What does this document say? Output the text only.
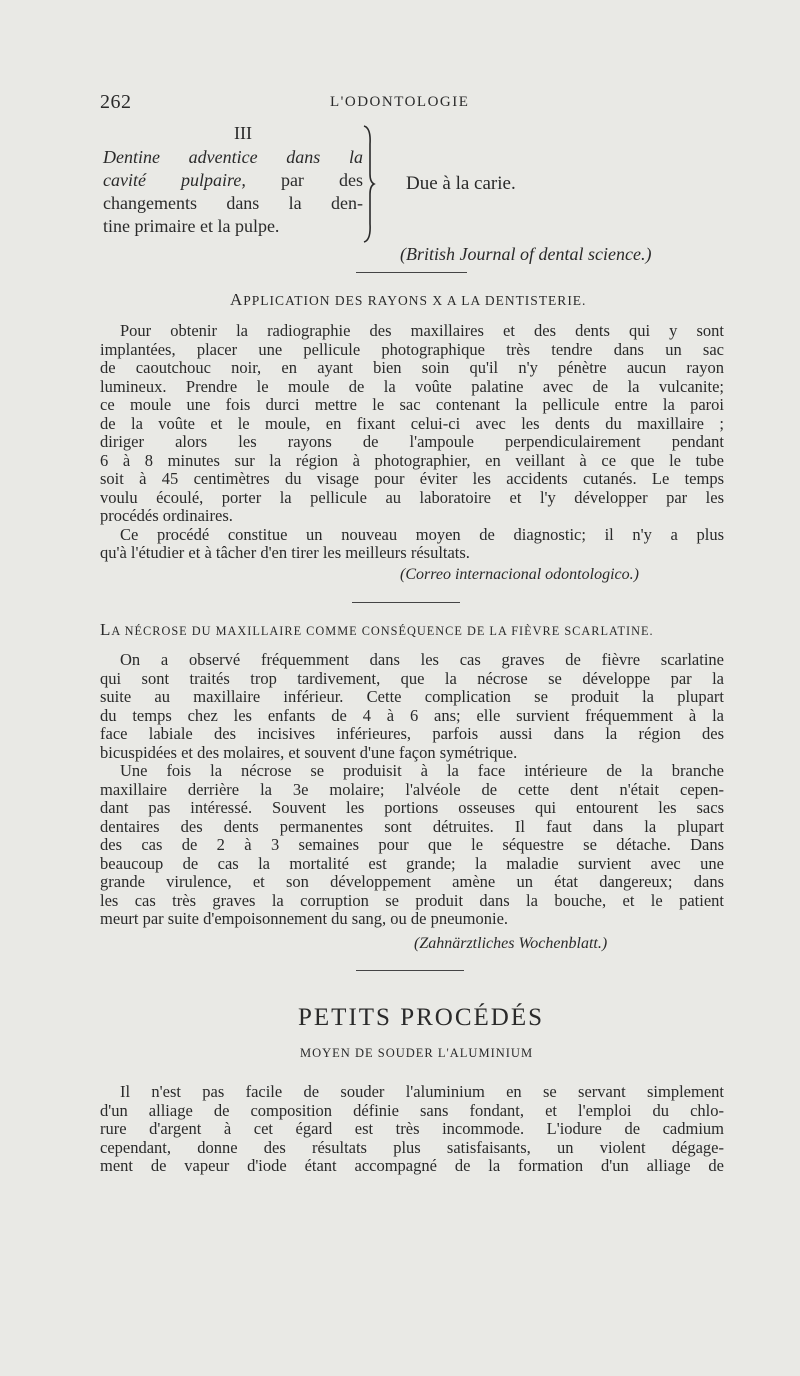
262	L'ODONTOLOGIE
III
Dentine adventice dans la
cavité pulpaire, par des
changements dans la den-
tine primaire et la pulpe.
Due à la carie.
(British Journal of dental science.)
APPLICATION DES RAYONS X A LA DENTISTERIE.
Pour obtenir la radiographie des maxillaires et des dents qui y sont
implantées, placer une pellicule photographique très tendre dans un sac
de caoutchouc noir, en ayant bien soin qu'il n'y pénètre aucun rayon
lumineux. Prendre le moule de la voûte palatine avec de la vulcanite;
ce moule une fois durci mettre le sac contenant la pellicule entre la paroi
de la voûte et le moule, en fixant celui-ci avec les dents du maxillaire ;
diriger alors les rayons de l'ampoule perpendiculairement pendant
6 à 8 minutes sur la région à photographier, en veillant à ce que le tube
soit à 45 centimètres du visage pour éviter les accidents cutanés. Le temps
voulu écoulé, porter la pellicule au laboratoire et l'y développer par les
procédés ordinaires.
Ce procédé constitue un nouveau moyen de diagnostic; il n'y a plus
qu'à l'étudier et à tâcher d'en tirer les meilleurs résultats.
(Correo internacional odontologico.)
LA NÉCROSE DU MAXILLAIRE COMME CONSÉQUENCE DE LA FIÈVRE SCARLATINE.
On a observé fréquemment dans les cas graves de fièvre scarlatine
qui sont traités trop tardivement, que la nécrose se développe par la
suite au maxillaire inférieur. Cette complication se produit la plupart
du temps chez les enfants de 4 à 6 ans; elle survient fréquemment à la
face labiale des incisives inférieures, parfois aussi dans la région des
bicuspidées et des molaires, et souvent d'une façon symétrique.
Une fois la nécrose se produisit à la face intérieure de la branche
maxillaire derrière la 3e molaire; l'alvéole de cette dent n'était cepen-
dant pas intéressé. Souvent les portions osseuses qui entourent les sacs
dentaires des dents permanentes sont détruites. Il faut dans la plupart
des cas de 2 à 3 semaines pour que le séquestre se détache. Dans
beaucoup de cas la mortalité est grande; la maladie survient avec une
grande virulence, et son développement amène un état dangereux; dans
les cas très graves la corruption se produit dans la bouche, et le patient
meurt par suite d'empoisonnement du sang, ou de pneumonie.
(Zahnärztliches Wochenblatt.)
PETITS PROCÉDÉS
MOYEN DE SOUDER L'ALUMINIUM
Il n'est pas facile de souder l'aluminium en se servant simplement
d'un alliage de composition définie sans fondant, et l'emploi du chlo-
rure d'argent à cet égard est très incommode. L'iodure de cadmium
cependant, donne des résultats plus satisfaisants, un violent dégage-
ment de vapeur d'iode étant accompagné de la formation d'un alliage de
